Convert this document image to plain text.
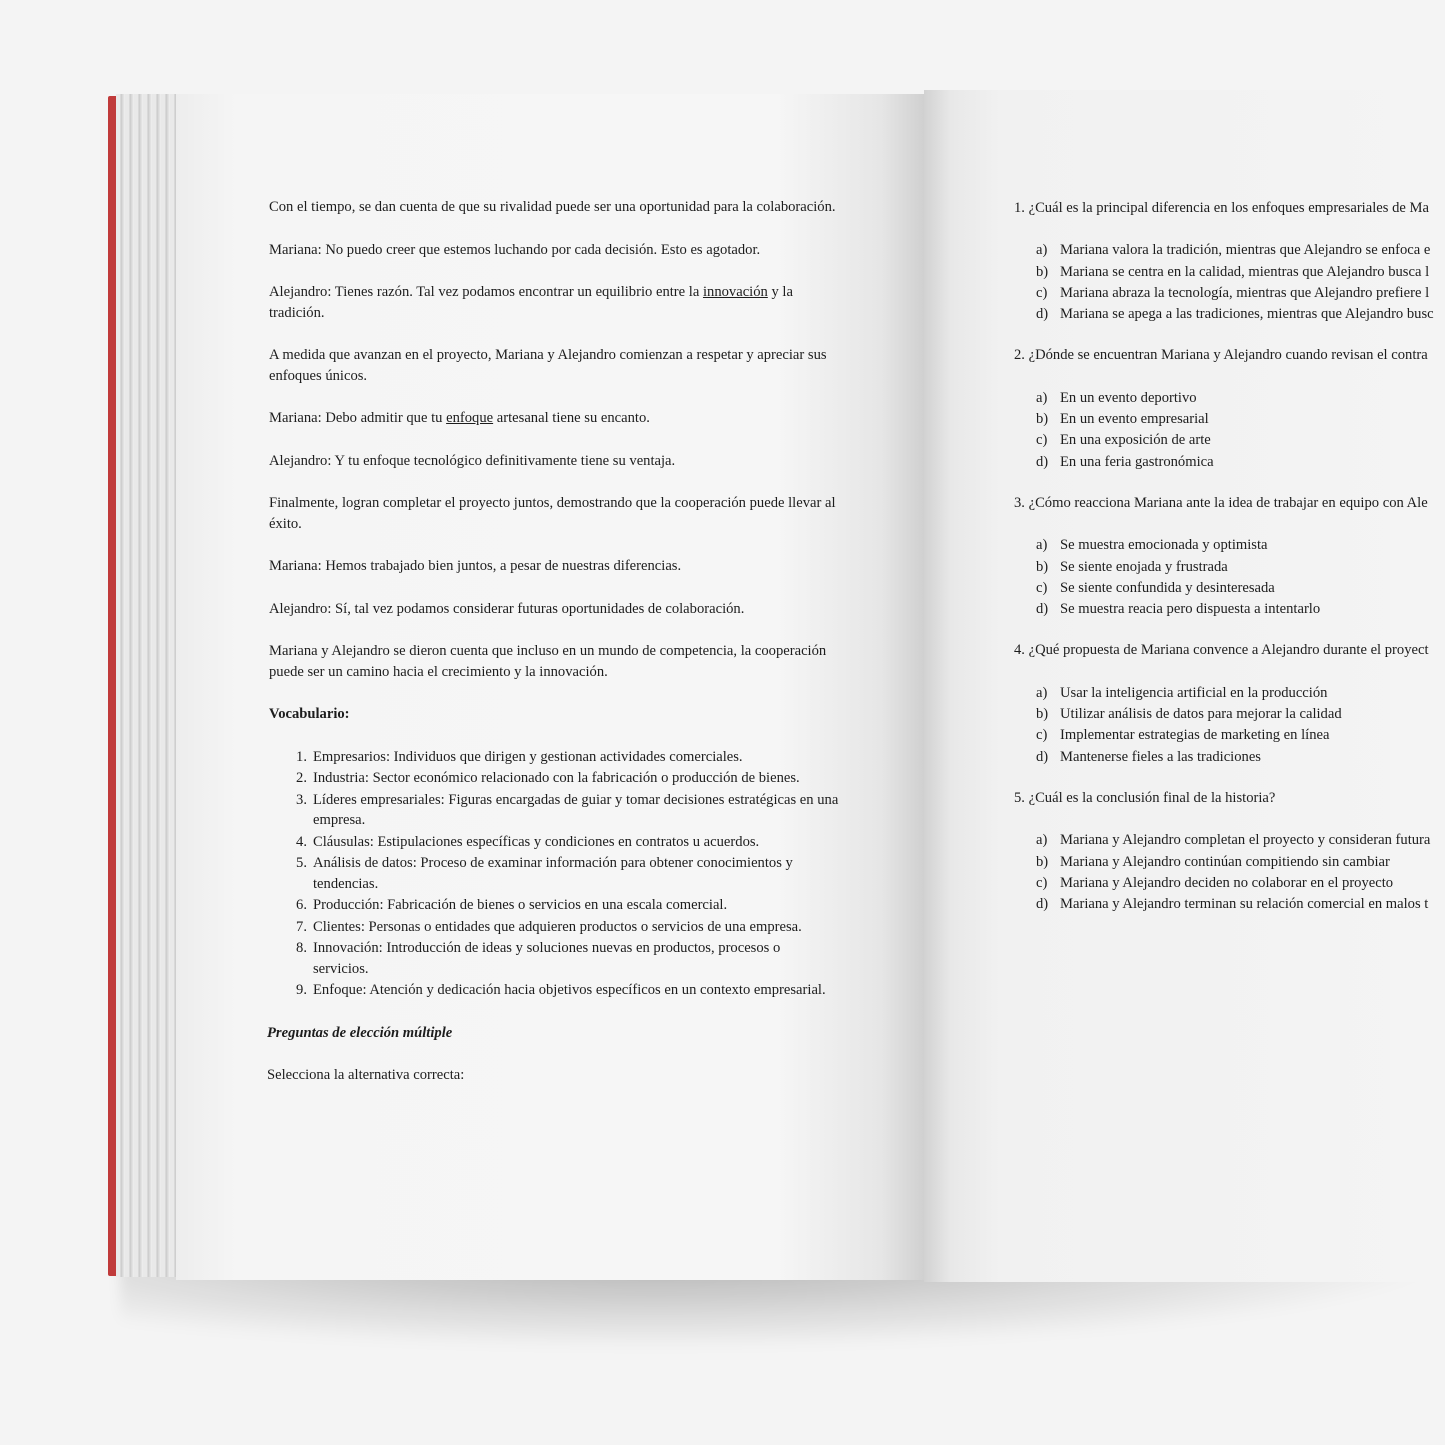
Con el tiempo, se dan cuenta de que su rivalidad puede ser una oportunidad para la colaboración.

Mariana: No puedo creer que estemos luchando por cada decisión. Esto es agotador.

Alejandro: Tienes razón. Tal vez podamos encontrar un equilibrio entre la innovación y la tradición.

A medida que avanzan en el proyecto, Mariana y Alejandro comienzan a respetar y apreciar sus enfoques únicos.

Mariana: Debo admitir que tu enfoque artesanal tiene su encanto.

Alejandro: Y tu enfoque tecnológico definitivamente tiene su ventaja.

Finalmente, logran completar el proyecto juntos, demostrando que la cooperación puede llevar al éxito.

Mariana: Hemos trabajado bien juntos, a pesar de nuestras diferencias.

Alejandro: Sí, tal vez podamos considerar futuras oportunidades de colaboración.

Mariana y Alejandro se dieron cuenta que incluso en un mundo de competencia, la cooperación puede ser un camino hacia el crecimiento y la innovación.

Vocabulario:

1. Empresarios: Individuos que dirigen y gestionan actividades comerciales.
2. Industria: Sector económico relacionado con la fabricación o producción de bienes.
3. Líderes empresariales: Figuras encargadas de guiar y tomar decisiones estratégicas en una empresa.
4. Cláusulas: Estipulaciones específicas y condiciones en contratos u acuerdos.
5. Análisis de datos: Proceso de examinar información para obtener conocimientos y tendencias.
6. Producción: Fabricación de bienes o servicios en una escala comercial.
7. Clientes: Personas o entidades que adquieren productos o servicios de una empresa.
8. Innovación: Introducción de ideas y soluciones nuevas en productos, procesos o servicios.
9. Enfoque: Atención y dedicación hacia objetivos específicos en un contexto empresarial.

Preguntas de elección múltiple

Selecciona la alternativa correcta:

1. ¿Cuál es la principal diferencia en los enfoques empresariales de Ma

a) Mariana valora la tradición, mientras que Alejandro se enfoca e
b) Mariana se centra en la calidad, mientras que Alejandro busca l
c) Mariana abraza la tecnología, mientras que Alejandro prefiere l
d) Mariana se apega a las tradiciones, mientras que Alejandro busc

2. ¿Dónde se encuentran Mariana y Alejandro cuando revisan el contra

a) En un evento deportivo
b) En un evento empresarial
c) En una exposición de arte
d) En una feria gastronómica

3. ¿Cómo reacciona Mariana ante la idea de trabajar en equipo con Ale

a) Se muestra emocionada y optimista
b) Se siente enojada y frustrada
c) Se siente confundida y desinteresada
d) Se muestra reacia pero dispuesta a intentarlo

4. ¿Qué propuesta de Mariana convence a Alejandro durante el proyect

a) Usar la inteligencia artificial en la producción
b) Utilizar análisis de datos para mejorar la calidad
c) Implementar estrategias de marketing en línea
d) Mantenerse fieles a las tradiciones

5. ¿Cuál es la conclusión final de la historia?

a) Mariana y Alejandro completan el proyecto y consideran futura
b) Mariana y Alejandro continúan compitiendo sin cambiar
c) Mariana y Alejandro deciden no colaborar en el proyecto
d) Mariana y Alejandro terminan su relación comercial en malos t
